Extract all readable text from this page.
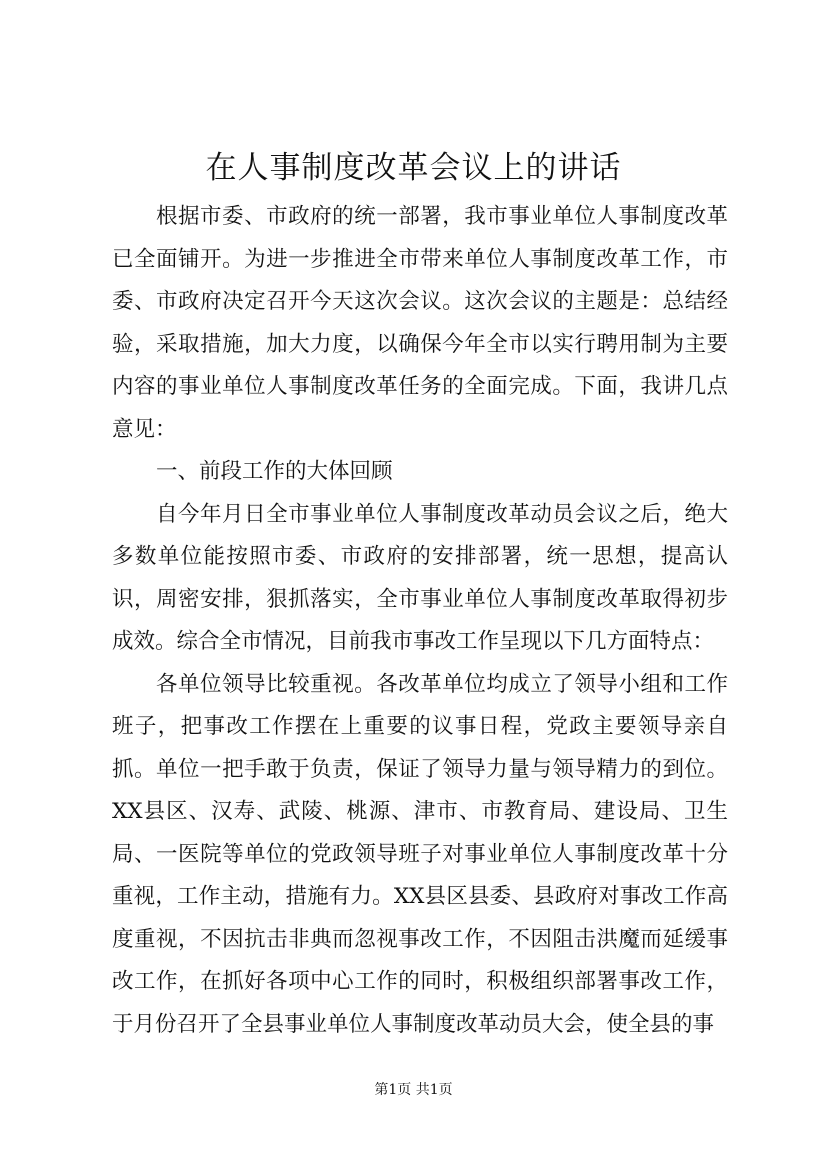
在人事制度改革会议上的讲话

根据市委、市政府的统一部署，我市事业单位人事制度改革已全面铺开。为进一步推进全市带来单位人事制度改革工作，市委、市政府决定召开今天这次会议。这次会议的主题是：总结经验，采取措施，加大力度，以确保今年全市以实行聘用制为主要内容的事业单位人事制度改革任务的全面完成。下面，我讲几点意见：

一、前段工作的大体回顾

自今年月日全市事业单位人事制度改革动员会议之后，绝大多数单位能按照市委、市政府的安排部署，统一思想，提高认识，周密安排，狠抓落实，全市事业单位人事制度改革取得初步成效。综合全市情况，目前我市事改工作呈现以下几方面特点：

各单位领导比较重视。各改革单位均成立了领导小组和工作班子，把事改工作摆在上重要的议事日程，党政主要领导亲自抓。单位一把手敢于负责，保证了领导力量与领导精力的到位。XX县区、汉寿、武陵、桃源、津市、市教育局、建设局、卫生局、一医院等单位的党政领导班子对事业单位人事制度改革十分重视，工作主动，措施有力。XX县区县委、县政府对事改工作高度重视，不因抗击非典而忽视事改工作，不因阻击洪魔而延缓事改工作，在抓好各项中心工作的同时，积极组织部署事改工作，于月份召开了全县事业单位人事制度改革动员大会，使全县的事

第1页 共1页
